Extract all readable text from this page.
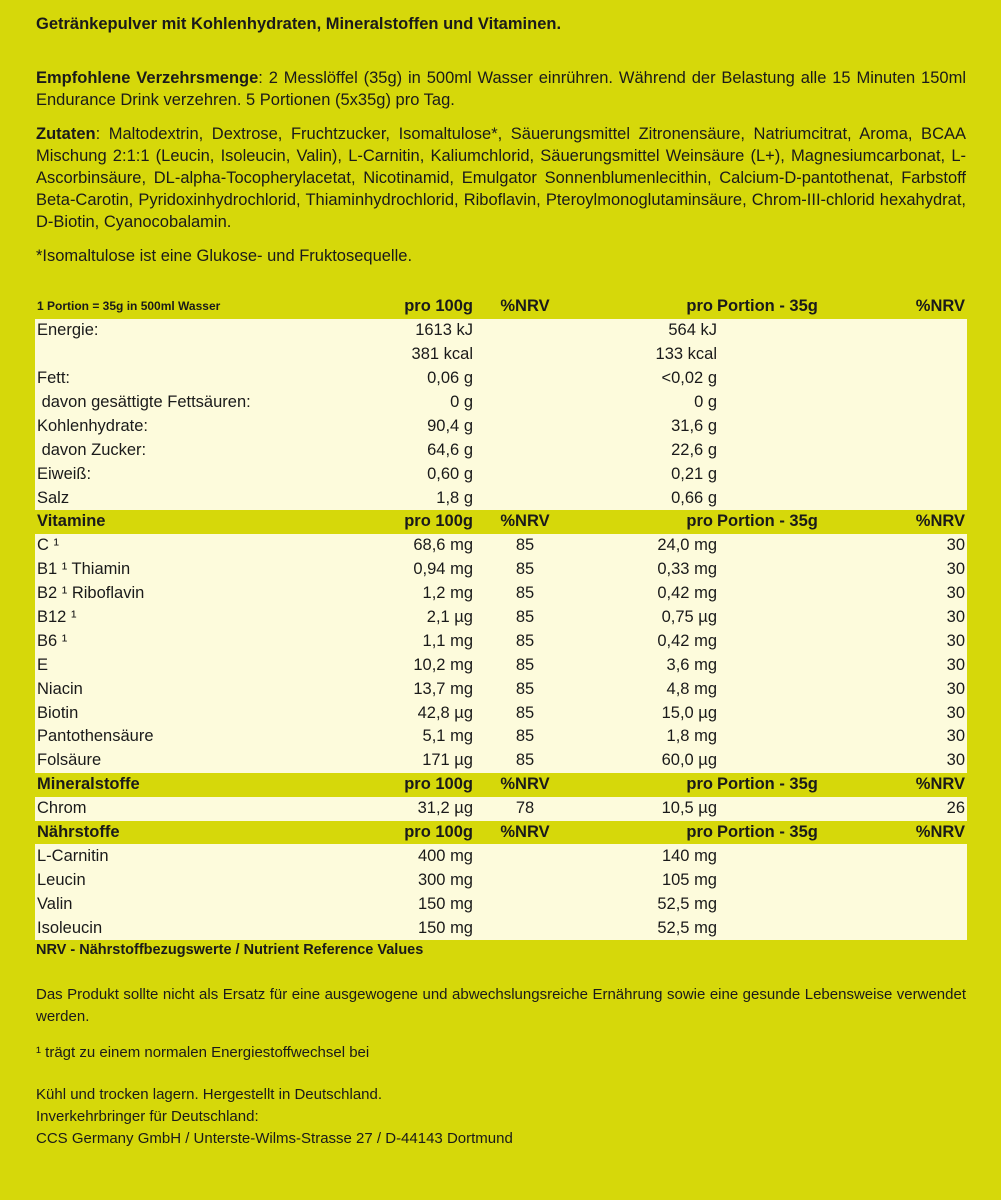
Getränkepulver mit Kohlenhydraten, Mineralstoffen und Vitaminen.

Empfohlene Verzehrsmenge: 2 Messlöffel (35g) in 500ml Wasser einrühren. Während der Belastung alle 15 Minuten 150ml Endurance Drink verzehren. 5 Portionen (5x35g) pro Tag.

Zutaten: Maltodextrin, Dextrose, Fruchtzucker, Isomaltulose*, Säuerungsmittel Zitronensäure, Natriumcitrat, Aroma, BCAA Mischung 2:1:1 (Leucin, Isoleucin, Valin), L-Carnitin, Kaliumchlorid, Säuerungsmittel Weinsäure (L+), Magnesiumcarbonat, L-Ascorbinsäure, DL-alpha-Tocopherylacetat, Nicotinamid, Emulgator Sonnenblumenlecithin, Calcium-D-pantothenat, Farbstoff Beta-Carotin, Pyridoxinhydrochlorid, Thiaminhydrochlorid, Riboflavin, Pteroylmonoglutaminsäure, Chrom-III-chlorid hexahydrat, D-Biotin, Cyanocobalamin.

*Isomaltulose ist eine Glukose- und Fruktosequelle.
1 Portion = 35g in 500ml Wasser	pro 100g	%NRV	pro	Portion - 35g	%NRV
Energie:	1613 kJ		564 kJ		
	381 kcal		133 kcal		
Fett:	0,06 g		<0,02 g		
davon gesättigte Fettsäuren:	0 g		0 g		
Kohlenhydrate:	90,4 g		31,6 g		
davon Zucker:	64,6 g		22,6 g		
Eiweiß:	0,60 g		0,21 g		
Salz	1,8 g		0,66 g		
Vitamine	pro 100g	%NRV	pro	Portion - 35g	%NRV
C ¹	68,6 mg	85	24,0 mg		30
B1 ¹ Thiamin	0,94 mg	85	0,33 mg		30
B2 ¹ Riboflavin	1,2 mg	85	0,42 mg		30
B12 ¹	2,1 µg	85	0,75 µg		30
B6 ¹	1,1 mg	85	0,42 mg		30
E	10,2 mg	85	3,6 mg		30
Niacin	13,7 mg	85	4,8 mg		30
Biotin	42,8 µg	85	15,0 µg		30
Pantothensäure	5,1 mg	85	1,8 mg		30
Folsäure	171 µg	85	60,0 µg		30
Mineralstoffe	pro 100g	%NRV	pro	Portion - 35g	%NRV
Chrom	31,2 µg	78	10,5 µg		26
Nährstoffe	pro 100g	%NRV	pro	Portion - 35g	%NRV
L-Carnitin	400 mg		140 mg		
Leucin	300 mg		105 mg		
Valin	150 mg		52,5 mg		
Isoleucin	150 mg		52,5 mg		
NRV - Nährstoffbezugswerte / Nutrient Reference Values

Das Produkt sollte nicht als Ersatz für eine ausgewogene und abwechslungsreiche Ernährung sowie eine gesunde Lebensweise verwendet werden.

¹ trägt zu einem normalen Energiestoffwechsel bei

Kühl und trocken lagern. Hergestellt in Deutschland.

Inverkehrbringer für Deutschland:

CCS Germany GmbH / Unterste-Wilms-Strasse 27 / D-44143 Dortmund
